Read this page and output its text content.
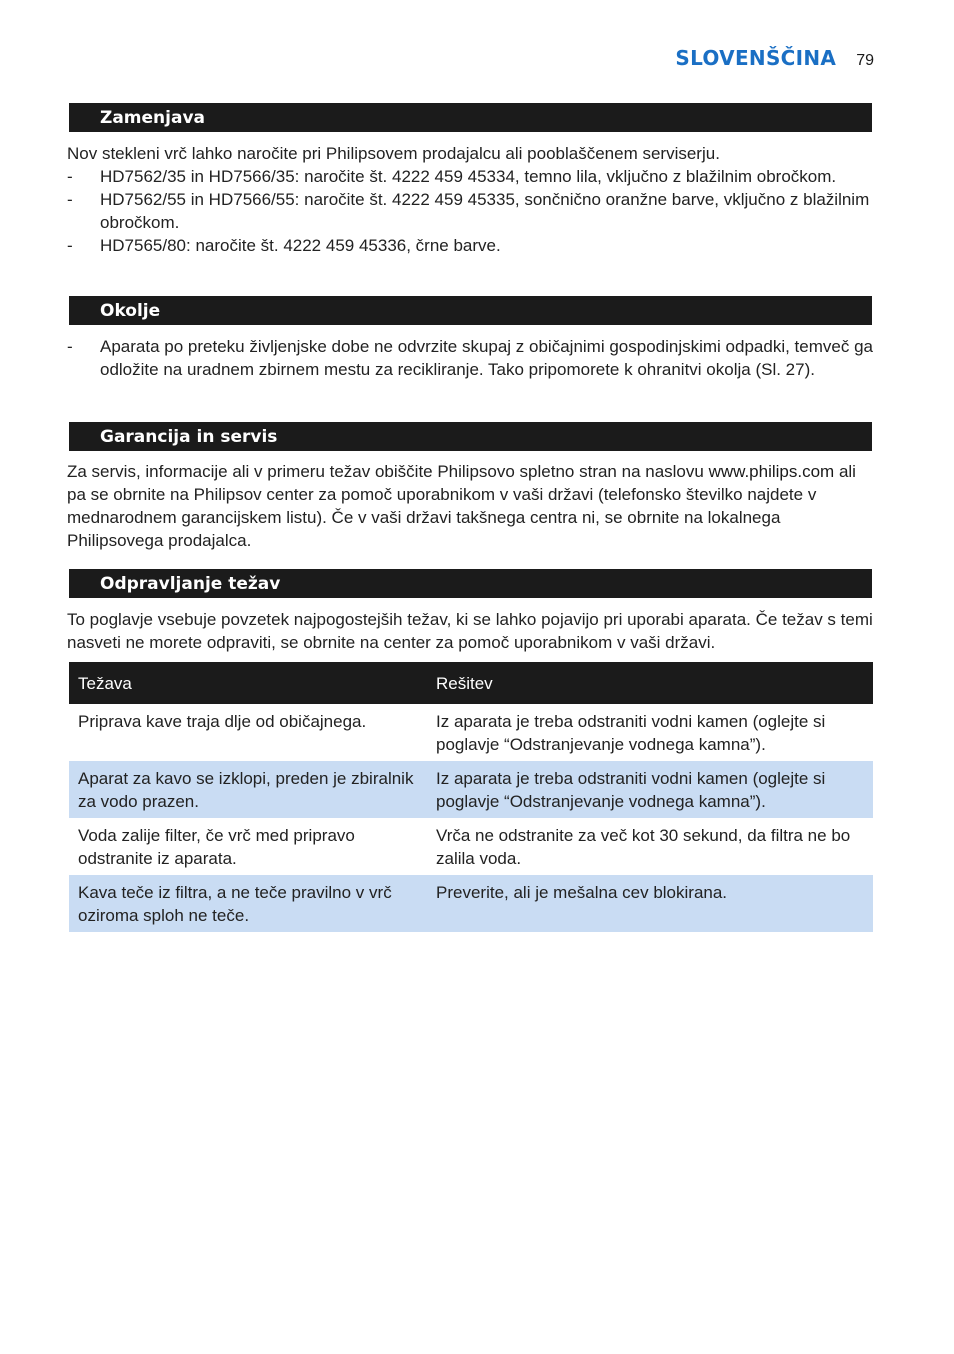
SLOVENŠČINA 79
Zamenjava
Nov stekleni vrč lahko naročite pri Philipsovem prodajalcu ali pooblaščenem serviserju.
- HD7562/35 in HD7566/35: naročite št. 4222 459 45334, temno lila, vključno z blažilnim obročkom.
- HD7562/55 in HD7566/55: naročite št. 4222 459 45335, sončnično oranžne barve, vključno z blažilnim obročkom.
- HD7565/80: naročite št. 4222 459 45336, črne barve.
Okolje
- Aparata po preteku življenjske dobe ne odvrzite skupaj z običajnimi gospodinjskimi odpadki, temveč ga odložite na uradnem zbirnem mestu za recikliranje. Tako pripomorete k ohranitvi okolja (Sl. 27).
Garancija in servis
Za servis, informacije ali v primeru težav obiščite Philipsovo spletno stran na naslovu www.philips.com ali pa se obrnite na Philipsov center za pomoč uporabnikom v vaši državi (telefonsko številko najdete v mednarodnem garancijskem listu). Če v vaši državi takšnega centra ni, se obrnite na lokalnega Philipsovega prodajalca.
Odpravljanje težav
To poglavje vsebuje povzetek najpogostejših težav, ki se lahko pojavijo pri uporabi aparata. Če težav s temi nasveti ne morete odpraviti, se obrnite na center za pomoč uporabnikom v vaši državi.
Težava	Rešitev
Priprava kave traja dlje od običajnega.	Iz aparata je treba odstraniti vodni kamen (oglejte si poglavje “Odstranjevanje vodnega kamna”).
Aparat za kavo se izklopi, preden je zbiralnik za vodo prazen.	Iz aparata je treba odstraniti vodni kamen (oglejte si poglavje “Odstranjevanje vodnega kamna”).
Voda zalije filter, če vrč med pripravo odstranite iz aparata.	Vrča ne odstranite za več kot 30 sekund, da filtra ne bo zalila voda.
Kava teče iz filtra, a ne teče pravilno v vrč oziroma sploh ne teče.	Preverite, ali je mešalna cev blokirana.
